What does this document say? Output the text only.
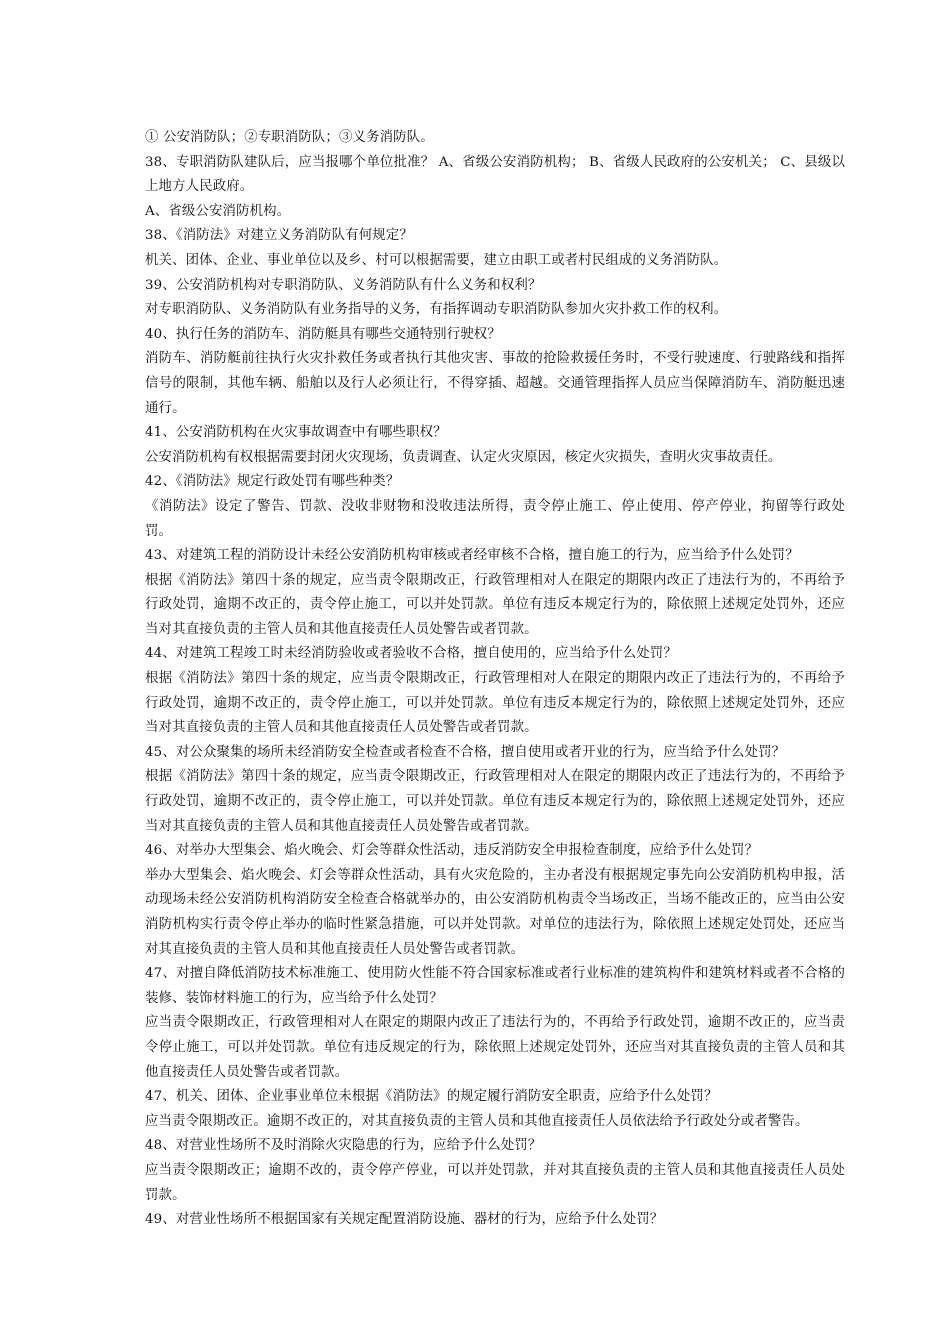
① 公安消防队；②专职消防队；③义务消防队。

38、专职消防队建队后，应当报哪个单位批准？ A、省级公安消防机构； B、省级人民政府的公安机关； C、县级以上地方人民政府。

A、省级公安消防机构。

38、《消防法》对建立义务消防队有何规定？

机关、团体、企业、事业单位以及乡、村可以根据需要，建立由职工或者村民组成的义务消防队。

39、公安消防机构对专职消防队、义务消防队有什么义务和权利？

对专职消防队、义务消防队有业务指导的义务，有指挥调动专职消防队参加火灾扑救工作的权利。

40、执行任务的消防车、消防艇具有哪些交通特别行驶权？

消防车、消防艇前往执行火灾扑救任务或者执行其他灾害、事故的抢险救援任务时，不受行驶速度、行驶路线和指挥信号的限制，其他车辆、船舶以及行人必须让行，不得穿插、超越。交通管理指挥人员应当保障消防车、消防艇迅速通行。

41、公安消防机构在火灾事故调查中有哪些职权？

公安消防机构有权根据需要封闭火灾现场，负责调查、认定火灾原因，核定火灾损失，查明火灾事故责任。

42、《消防法》规定行政处罚有哪些种类？

《消防法》设定了警告、罚款、没收非财物和没收违法所得，责令停止施工、停止使用、停产停业，拘留等行政处罚。

43、对建筑工程的消防设计未经公安消防机构审核或者经审核不合格，擅自施工的行为，应当给予什么处罚？

根据《消防法》第四十条的规定，应当责令限期改正，行政管理相对人在限定的期限内改正了违法行为的，不再给予行政处罚，逾期不改正的，责令停止施工，可以并处罚款。单位有违反本规定行为的，除依照上述规定处罚外，还应当对其直接负责的主管人员和其他直接责任人员处警告或者罚款。

44、对建筑工程竣工时未经消防验收或者验收不合格，擅自使用的，应当给予什么处罚？

根据《消防法》第四十条的规定，应当责令限期改正，行政管理相对人在限定的期限内改正了违法行为的，不再给予行政处罚，逾期不改正的，责令停止施工，可以并处罚款。单位有违反本规定行为的，除依照上述规定处罚外，还应当对其直接负责的主管人员和其他直接责任人员处警告或者罚款。

45、对公众聚集的场所未经消防安全检查或者检查不合格，擅自使用或者开业的行为，应当给予什么处罚？

根据《消防法》第四十条的规定，应当责令限期改正，行政管理相对人在限定的期限内改正了违法行为的，不再给予行政处罚，逾期不改正的，责令停止施工，可以并处罚款。单位有违反本规定行为的，除依照上述规定处罚外，还应当对其直接负责的主管人员和其他直接责任人员处警告或者罚款。

46、对举办大型集会、焰火晚会、灯会等群众性活动，违反消防安全申报检查制度，应给予什么处罚？

举办大型集会、焰火晚会、灯会等群众性活动，具有火灾危险的，主办者没有根据规定事先向公安消防机构申报，活动现场未经公安消防机构消防安全检查合格就举办的，由公安消防机构责令当场改正，当场不能改正的，应当由公安消防机构实行责令停止举办的临时性紧急措施，可以并处罚款。对单位的违法行为，除依照上述规定处罚处，还应当对其直接负责的主管人员和其他直接责任人员处警告或者罚款。

47、对擅自降低消防技术标准施工、使用防火性能不符合国家标准或者行业标准的建筑构件和建筑材料或者不合格的装修、装饰材料施工的行为，应当给予什么处罚？

应当责令限期改正，行政管理相对人在限定的期限内改正了违法行为的，不再给予行政处罚，逾期不改正的，应当责令停止施工，可以并处罚款。单位有违反规定的行为，除依照上述规定处罚外，还应当对其直接负责的主管人员和其他直接责任人员处警告或者罚款。

47、机关、团体、企业事业单位未根据《消防法》的规定履行消防安全职责，应给予什么处罚？

应当责令限期改正。逾期不改正的，对其直接负责的主管人员和其他直接责任人员依法给予行政处分或者警告。

48、对营业性场所不及时消除火灾隐患的行为，应给予什么处罚？

应当责令限期改正；逾期不改的，责令停产停业，可以并处罚款，并对其直接负责的主管人员和其他直接责任人员处罚款。

49、对营业性场所不根据国家有关规定配置消防设施、器材的行为，应给予什么处罚？
